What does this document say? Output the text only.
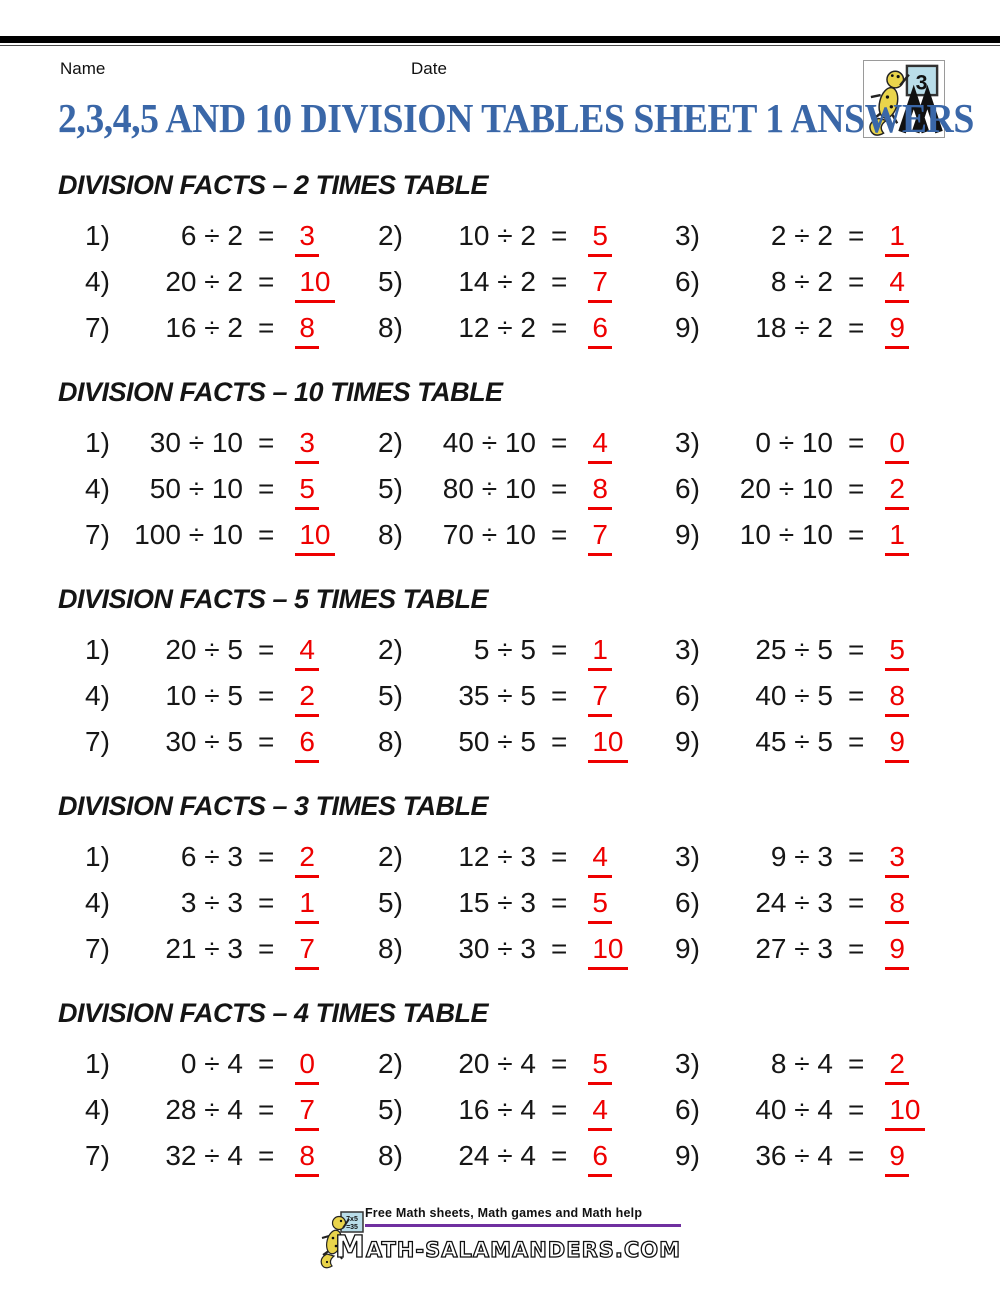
Name	Date
3
2,3,4,5 AND 10 DIVISION TABLES SHEET 1 ANSWERS
DIVISION FACTS – 2 TIMES TABLE
1)	6 ÷ 2 = 3 2)	10 ÷ 2 = 5 3)	2 ÷ 2 = 1
4)	20 ÷ 2 = 10 5)	14 ÷ 2 = 7 6)	8 ÷ 2 = 4
7)	16 ÷ 2 = 8 8)	12 ÷ 2 = 6 9)	18 ÷ 2 = 9
DIVISION FACTS – 10 TIMES TABLE
1)	30 ÷ 10 = 3 2)	40 ÷ 10 = 4 3)	0 ÷ 10 = 0
4)	50 ÷ 10 = 5 5)	80 ÷ 10 = 8 6)	20 ÷ 10 = 2
7) 100 ÷ 10 = 10 8)	70 ÷ 10 = 7 9)	10 ÷ 10 = 1
DIVISION FACTS – 5 TIMES TABLE
1)	20 ÷ 5 = 4 2)	5 ÷ 5 = 1 3)	25 ÷ 5 = 5
4)	10 ÷ 5 = 2 5)	35 ÷ 5 = 7 6)	40 ÷ 5 = 8
7)	30 ÷ 5 = 6 8)	50 ÷ 5 = 10 9)	45 ÷ 5 = 9
DIVISION FACTS – 3 TIMES TABLE
1)	6 ÷ 3 = 2 2)	12 ÷ 3 = 4 3)	9 ÷ 3 = 3
4)	3 ÷ 3 = 1 5)	15 ÷ 3 = 5 6)	24 ÷ 3 = 8
7)	21 ÷ 3 = 7 8)	30 ÷ 3 = 10 9)	27 ÷ 3 = 9
DIVISION FACTS – 4 TIMES TABLE
1)	0 ÷ 4 = 0 2)	20 ÷ 4 = 5 3)	8 ÷ 4 = 2
4)	28 ÷ 4 = 7 5)	16 ÷ 4 = 4 6)	40 ÷ 4 = 10
7)	32 ÷ 4 = 8 8)	24 ÷ 4 = 6 9)	36 ÷ 4 = 9
7x5
=35
Free Math sheets, Math games and Math help
MATH-SALAMANDERS.COM
